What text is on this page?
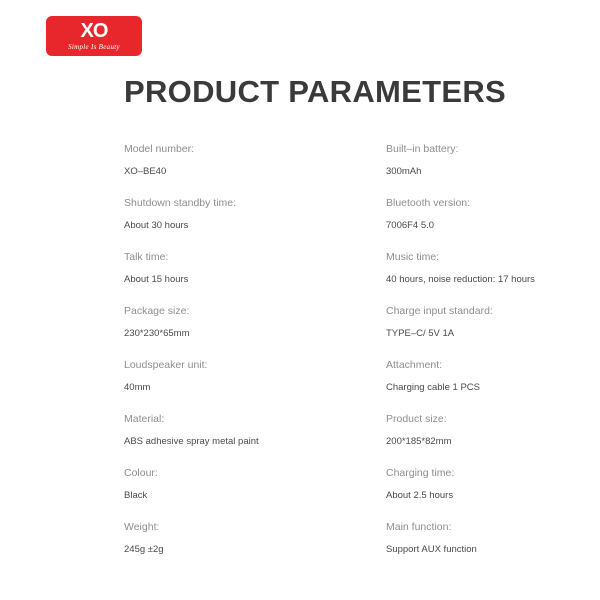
XO
Simple Is Beauty
PRODUCT PARAMETERS
Model number:
XO–BE40
Built–in battery:
300mAh
Shutdown standby time:
About 30 hours
Bluetooth version:
7006F4 5.0
Talk time:
About 15 hours
Music time:
40 hours, noise reduction: 17 hours
Package size:
230*230*65mm
Charge input standard:
TYPE–C/ 5V 1A
Loudspeaker unit:
40mm
Attachment:
Charging cable 1 PCS
Material:
ABS adhesive spray metal paint
Product size:
200*185*82mm
Colour:
Black
Charging time:
About 2.5 hours
Weight:
245g ±2g
Main function:
Support AUX function
